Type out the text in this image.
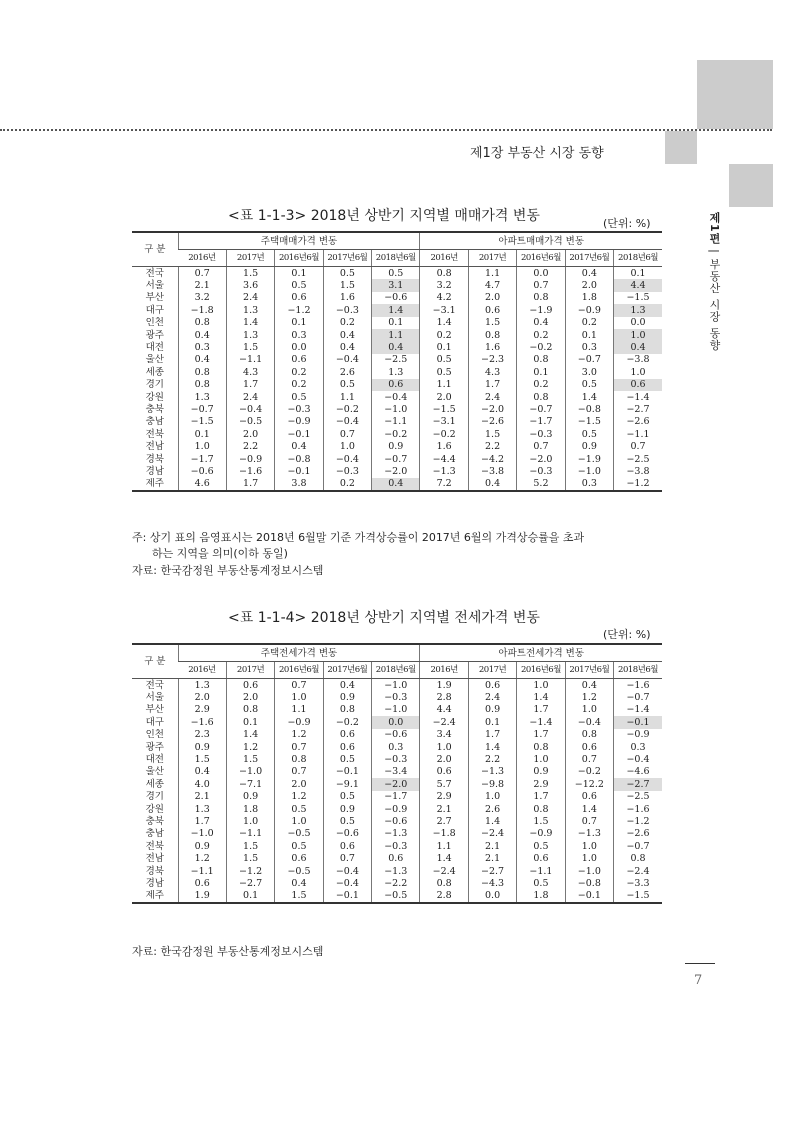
제1장 부동산 시장 동향
제1편 | 부동산 시장 동향
<표 1-1-3> 2018년 상반기 지역별 매매가격 변동	(단위: %)
구 분	주택매매가격 변동					아파트매매가격 변동				
	2016년	2017년	2016년6월	2017년6월	2018년6월	2016년	2017년	2016년6월	2017년6월	2018년6월
전국	0.7	1.5	0.1	0.5	0.5	0.8	1.1	0.0	0.4	0.1
서울	2.1	3.6	0.5	1.5	3.1	3.2	4.7	0.7	2.0	4.4
부산	3.2	2.4	0.6	1.6	−0.6	4.2	2.0	0.8	1.8	−1.5
대구	−1.8	1.3	−1.2	−0.3	1.4	−3.1	0.6	−1.9	−0.9	1.3
인천	0.8	1.4	0.1	0.2	0.1	1.4	1.5	0.4	0.2	0.0
광주	0.4	1.3	0.3	0.4	1.1	0.2	0.8	0.2	0.1	1.0
대전	0.3	1.5	0.0	0.4	0.4	0.1	1.6	−0.2	0.3	0.4
울산	0.4	−1.1	0.6	−0.4	−2.5	0.5	−2.3	0.8	−0.7	−3.8
세종	0.8	4.3	0.2	2.6	1.3	0.5	4.3	0.1	3.0	1.0
경기	0.8	1.7	0.2	0.5	0.6	1.1	1.7	0.2	0.5	0.6
강원	1.3	2.4	0.5	1.1	−0.4	2.0	2.4	0.8	1.4	−1.4
충북	−0.7	−0.4	−0.3	−0.2	−1.0	−1.5	−2.0	−0.7	−0.8	−2.7
충남	−1.5	−0.5	−0.9	−0.4	−1.1	−3.1	−2.6	−1.7	−1.5	−2.6
전북	0.1	2.0	−0.1	0.7	−0.2	−0.2	1.5	−0.3	0.5	−1.1
전남	1.0	2.2	0.4	1.0	0.9	1.6	2.2	0.7	0.9	0.7
경북	−1.7	−0.9	−0.8	−0.4	−0.7	−4.4	−4.2	−2.0	−1.9	−2.5
경남	−0.6	−1.6	−0.1	−0.3	−2.0	−1.3	−3.8	−0.3	−1.0	−3.8
제주	4.6	1.7	3.8	0.2	0.4	7.2	0.4	5.2	0.3	−1.2
주: 상기 표의 음영표시는 2018년 6월말 기준 가격상승률이 2017년 6월의 가격상승률을 초과
하는 지역을 의미(이하 동일)
자료: 한국감정원 부동산통계정보시스템
<표 1-1-4> 2018년 상반기 지역별 전세가격 변동
(단위: %)
구 분	주택전세가격 변동					아파트전세가격 변동				
	2016년	2017년	2016년6월	2017년6월	2018년6월	2016년	2017년	2016년6월	2017년6월	2018년6월
전국	1.3	0.6	0.7	0.4	−1.0	1.9	0.6	1.0	0.4	−1.6
서울	2.0	2.0	1.0	0.9	−0.3	2.8	2.4	1.4	1.2	−0.7
부산	2.9	0.8	1.1	0.8	−1.0	4.4	0.9	1.7	1.0	−1.4
대구	−1.6	0.1	−0.9	−0.2	0.0	−2.4	0.1	−1.4	−0.4	−0.1
인천	2.3	1.4	1.2	0.6	−0.6	3.4	1.7	1.7	0.8	−0.9
광주	0.9	1.2	0.7	0.6	0.3	1.0	1.4	0.8	0.6	0.3
대전	1.5	1.5	0.8	0.5	−0.3	2.0	2.2	1.0	0.7	−0.4
울산	0.4	−1.0	0.7	−0.1	−3.4	0.6	−1.3	0.9	−0.2	−4.6
세종	4.0	−7.1	2.0	−9.1	−2.0	5.7	−9.8	2.9	−12.2	−2.7
경기	2.1	0.9	1.2	0.5	−1.7	2.9	1.0	1.7	0.6	−2.5
강원	1.3	1.8	0.5	0.9	−0.9	2.1	2.6	0.8	1.4	−1.6
충북	1.7	1.0	1.0	0.5	−0.6	2.7	1.4	1.5	0.7	−1.2
충남	−1.0	−1.1	−0.5	−0.6	−1.3	−1.8	−2.4	−0.9	−1.3	−2.6
전북	0.9	1.5	0.5	0.6	−0.3	1.1	2.1	0.5	1.0	−0.7
전남	1.2	1.5	0.6	0.7	0.6	1.4	2.1	0.6	1.0	0.8
경북	−1.1	−1.2	−0.5	−0.4	−1.3	−2.4	−2.7	−1.1	−1.0	−2.4
경남	0.6	−2.7	0.4	−0.4	−2.2	0.8	−4.3	0.5	−0.8	−3.3
제주	1.9	0.1	1.5	−0.1	−0.5	2.8	0.0	1.8	−0.1	−1.5
자료: 한국감정원 부동산통계정보시스템
7
